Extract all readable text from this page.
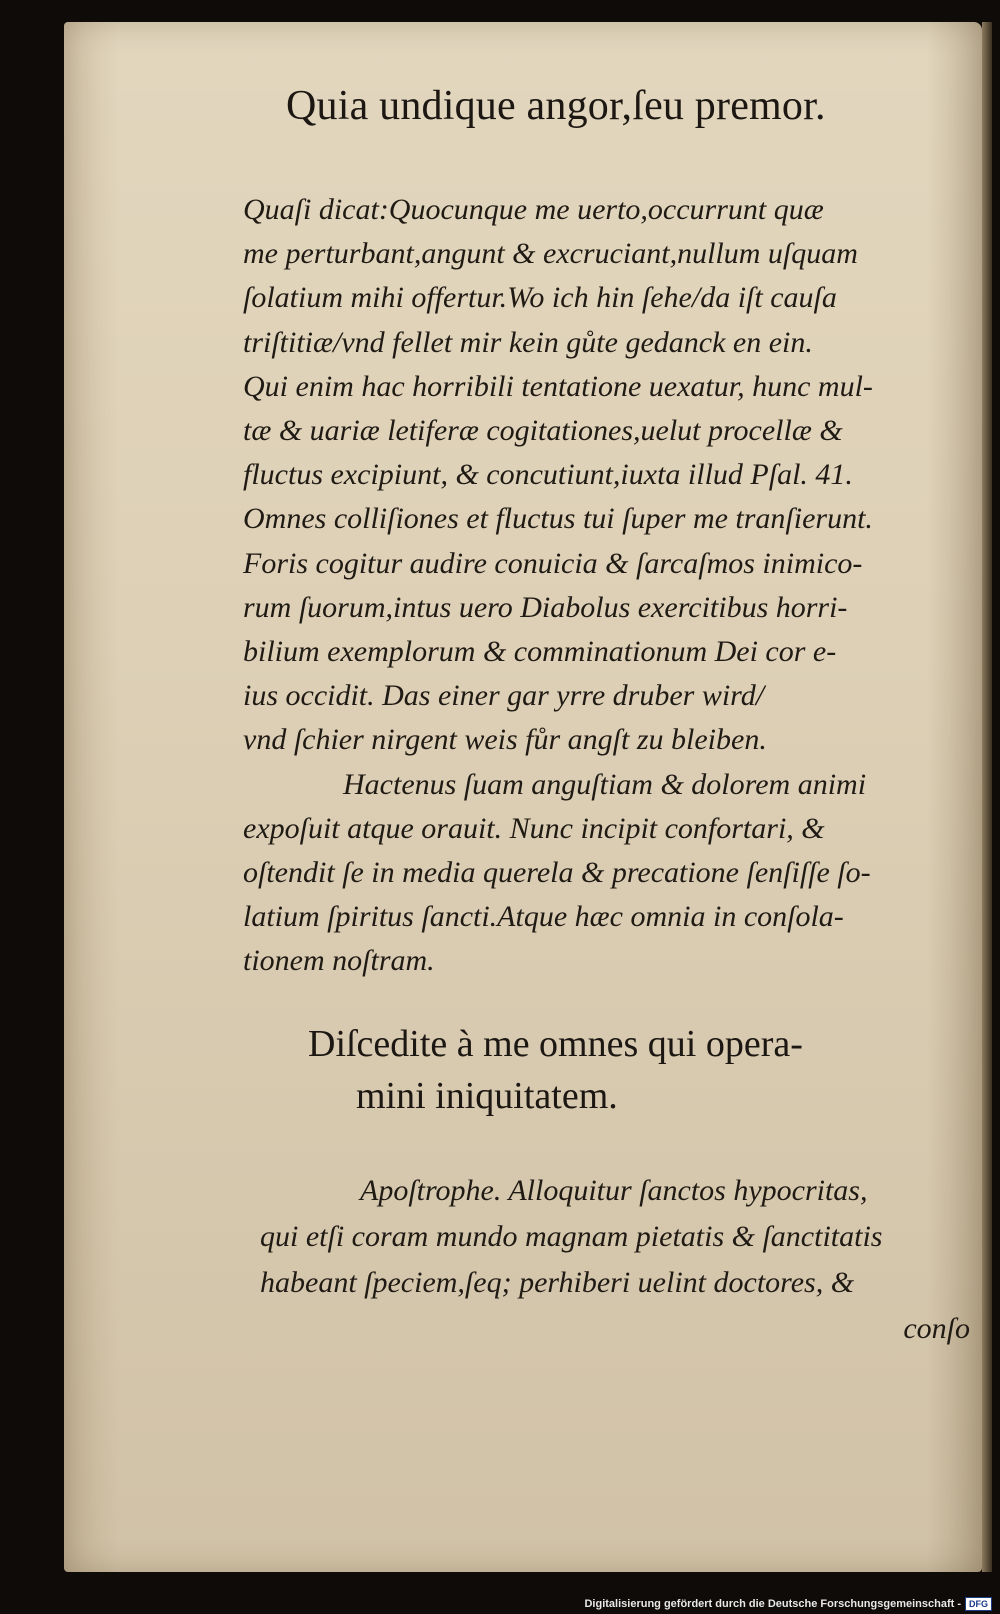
Quia undique angor,ſeu premor.
Quaſi dicat:Quocunque me uerto,occurrunt quæ
me perturbant,angunt & excruciant,nullum uſquam
ſolatium mihi offertur.Wo ich hin ſehe/da iſt cauſa
triſtitiæ/vnd fellet mir kein gůte gedanck en ein.
Qui enim hac horribili tentatione uexatur, hunc mul-
tæ & uariæ letiferæ cogitationes,uelut procellæ &
fluctus excipiunt, & concutiunt,iuxta illud Pſal. 41.
Omnes colliſiones et fluctus tui ſuper me tranſierunt.
Foris cogitur audire conuicia & ſarcaſmos inimico-
rum ſuorum,intus uero Diabolus exercitibus horri-
bilium exemplorum & comminationum Dei cor e-
ius occidit. Das einer gar yrre druber wird/
vnd ſchier nirgent weis fůr angſt zu bleiben.
Hactenus ſuam anguſtiam & dolorem animi
expoſuit atque orauit. Nunc incipit confortari, &
oſtendit ſe in media querela & precatione ſenſiſſe ſo-
latium ſpiritus ſancti.Atque hæc omnia in conſola-
tionem noſtram.
Diſcedite à me omnes qui opera-
mini iniquitatem.
Apoſtrophe. Alloquitur ſanctos hypocritas,
qui etſi coram mundo magnam pietatis & ſanctitatis
habeant ſpeciem,ſeq; perhiberi uelint doctores, &
conſo
Digitalisierung gefördert durch die Deutsche Forschungsgemeinschaft - DFG
